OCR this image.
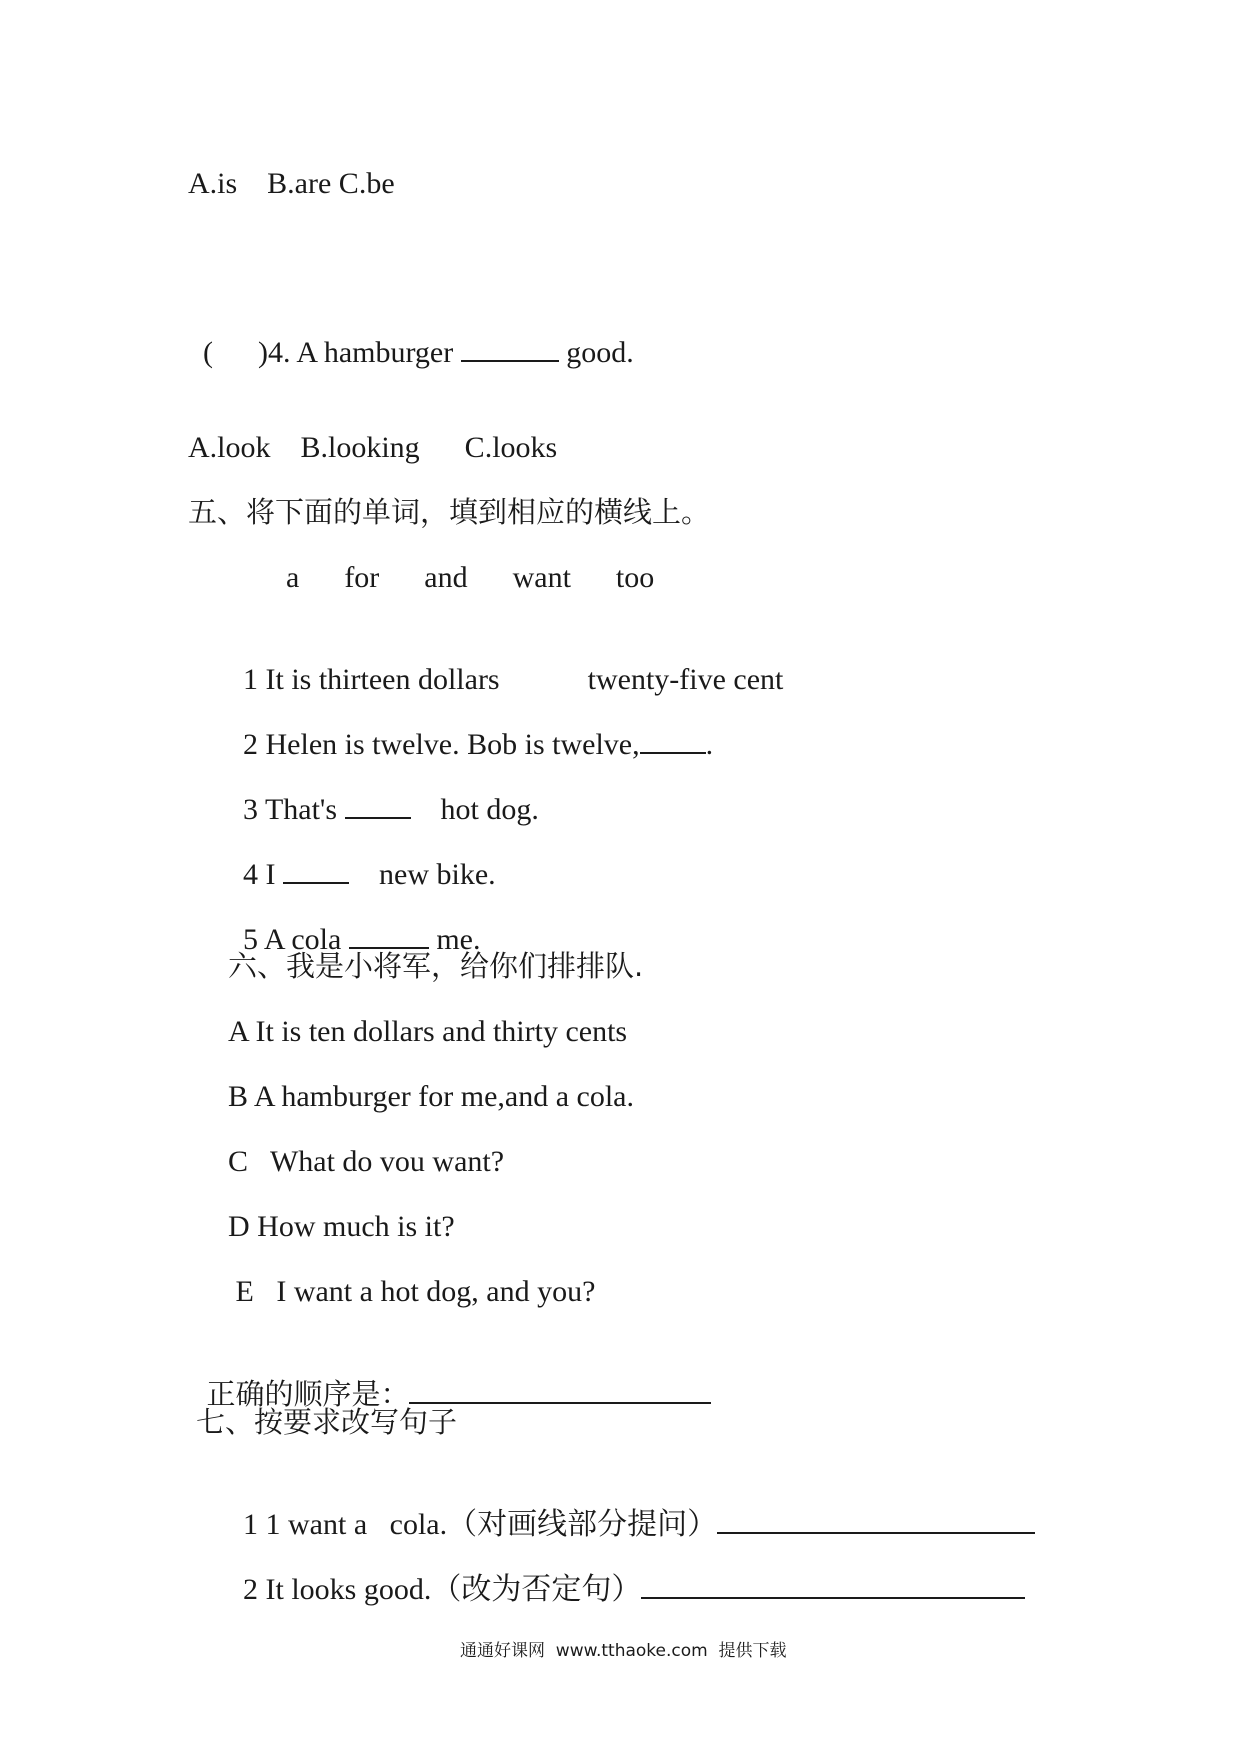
A.is    B.are C.be

(      )4. A hamburger	good.

A.look    B.looking      C.looks
五、将下面的单词，填到相应的横线上。
a      for      and      want      too

1 It is thirteen dollars	twenty-five cent

2 Helen is twelve. Bob is twelve, .

3 That's     hot dog.

4 I     new bike.

5 A cola	me.

六、我是小将军，给你们排排队.
A It is ten dollars and thirty cents
B A hamburger for me,and a cola.
C   What do vou want?
D How much is it?
E   I want a hot dog, and you?

正确的顺序是：

七、按要求改写句子

1 1 want a   cola.（对画线部分提问）

2 It looks good.（改为否定句）

通通好课网  www.tthaoke.com  提供下载
